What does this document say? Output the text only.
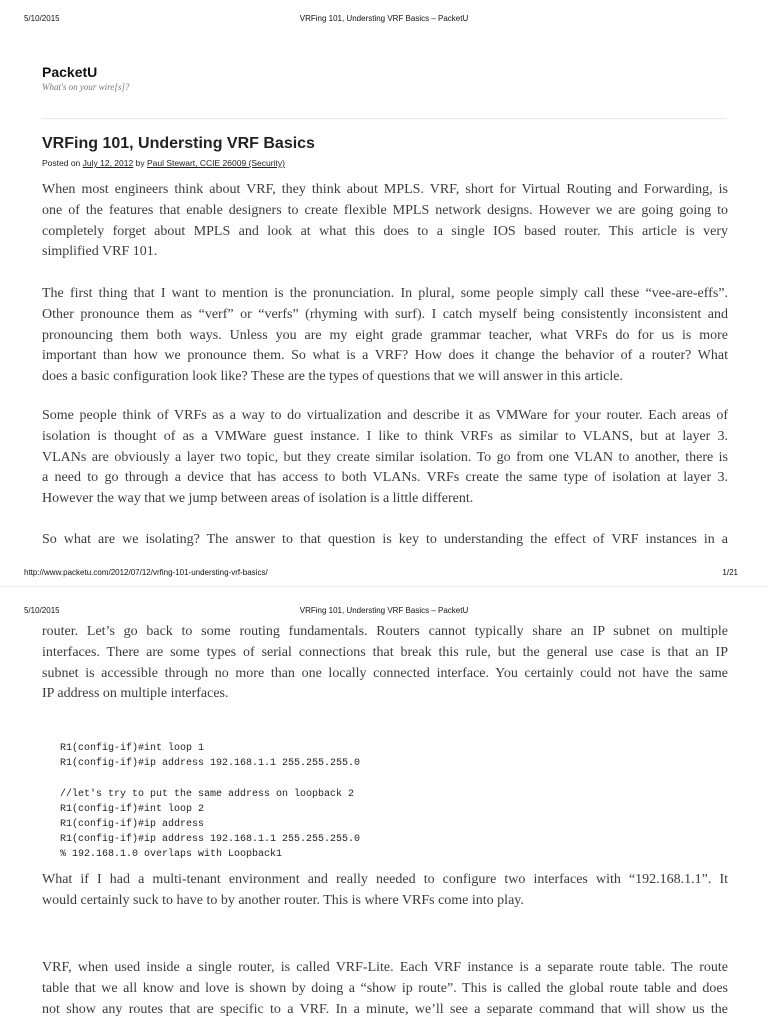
5/10/2015	VRFing 101, Understing VRF Basics – PacketU
PacketU
What's on your wire[s]?
VRFing 101, Understing VRF Basics
Posted on July 12, 2012 by Paul Stewart, CCIE 26009 (Security)
When most engineers think about VRF, they think about MPLS. VRF, short for Virtual Routing and Forwarding, is
one of the features that enable designers to create flexible MPLS network designs. However we are going going to
completely forget about MPLS and look at what this does to a single IOS based router. This article is very
simplified VRF 101.
The first thing that I want to mention is the pronunciation. In plural, some people simply call these “vee-are-effs”.
Other pronounce them as “verf” or “verfs” (rhyming with surf). I catch myself being consistently inconsistent and
pronouncing them both ways. Unless you are my eight grade grammar teacher, what VRFs do for us is more
important than how we pronounce them. So what is a VRF? How does it change the behavior of a router? What
does a basic configuration look like? These are the types of questions that we will answer in this article.
Some people think of VRFs as a way to do virtualization and describe it as VMWare for your router. Each areas of
isolation is thought of as a VMWare guest instance. I like to think VRFs as similar to VLANS, but at layer 3.
VLANs are obviously a layer two topic, but they create similar isolation. To go from one VLAN to another, there is
a need to go through a device that has access to both VLANs. VRFs create the same type of isolation at layer 3.
However the way that we jump between areas of isolation is a little different.
So what are we isolating? The answer to that question is key to understanding the effect of VRF instances in a
http://www.packetu.com/2012/07/12/vrfing-101-understing-vrf-basics/	1/21
5/10/2015	VRFing 101, Understing VRF Basics – PacketU
router. Let’s go back to some routing fundamentals. Routers cannot typically share an IP subnet on multiple
interfaces. There are some types of serial connections that break this rule, but the general use case is that an IP
subnet is accessible through no more than one locally connected interface. You certainly could not have the same
IP address on multiple interfaces.
R1(config-if)#int loop 1
R1(config-if)#ip address 192.168.1.1 255.255.255.0

//let's try to put the same address on loopback 2
R1(config-if)#int loop 2
R1(config-if)#ip address
R1(config-if)#ip address 192.168.1.1 255.255.255.0
% 192.168.1.0 overlaps with Loopback1
What if I had a multi-tenant environment and really needed to configure two interfaces with “192.168.1.1”. It
would certainly suck to have to by another router. This is where VRFs come into play.
VRF, when used inside a single router, is called VRF-Lite. Each VRF instance is a separate route table. The route
table that we all know and love is shown by doing a “show ip route”. This is called the global route table and does
not show any routes that are specific to a VRF. In a minute, we’ll see a separate command that will show us the
